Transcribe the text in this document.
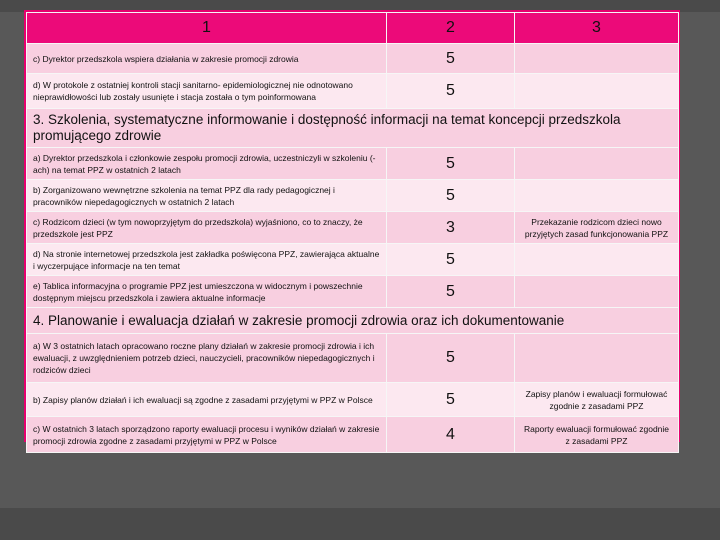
1	2	3
c) Dyrektor przedszkola wspiera działania w zakresie promocji zdrowia	5	
d) W protokole z ostatniej kontroli stacji sanitarno- epidemiologicznej nie odnotowano nieprawidłowości lub zostały usunięte i stacja została o tym poinformowana	5	
3. Szkolenia, systematyczne informowanie i dostępność informacji na temat koncepcji przedszkola promującego zdrowie		
a) Dyrektor przedszkola i członkowie zespołu promocji zdrowia, uczestniczyli w szkoleniu (-ach) na temat PPZ w ostatnich 2 latach	5	
b) Zorganizowano wewnętrzne szkolenia na temat PPZ dla rady pedagogicznej i pracowników niepedagogicznych w ostatnich 2 latach	5	
c) Rodzicom dzieci (w tym nowoprzyjętym do przedszkola) wyjaśniono, co to znaczy, że przedszkole jest PPZ	3	Przekazanie rodzicom dzieci nowo przyjętych zasad funkcjonowania PPZ
d) Na stronie internetowej przedszkola jest zakładka poświęcona PPZ, zawierająca aktualne i wyczerpujące informacje na ten temat	5	
e) Tablica informacyjna o programie PPZ jest umieszczona w widocznym i powszechnie dostępnym miejscu przedszkola i zawiera aktualne informacje	5	
4. Planowanie i ewaluacja działań w zakresie promocji zdrowia oraz ich dokumentowanie		
a) W 3 ostatnich latach opracowano roczne plany działań w zakresie promocji zdrowia i ich ewaluacji, z uwzględnieniem potrzeb dzieci, nauczycieli, pracowników niepedagogicznych i rodziców dzieci	5	
b) Zapisy planów działań i ich ewaluacji są zgodne z zasadami przyjętymi w PPZ w Polsce	5	Zapisy planów i ewaluacji formułować zgodnie z zasadami PPZ
c) W ostatnich 3 latach sporządzono raporty ewaluacji procesu i wyników działań w zakresie promocji zdrowia zgodne z zasadami przyjętymi w PPZ w Polsce	4	Raporty ewaluacji formułować zgodnie z zasadami PPZ
